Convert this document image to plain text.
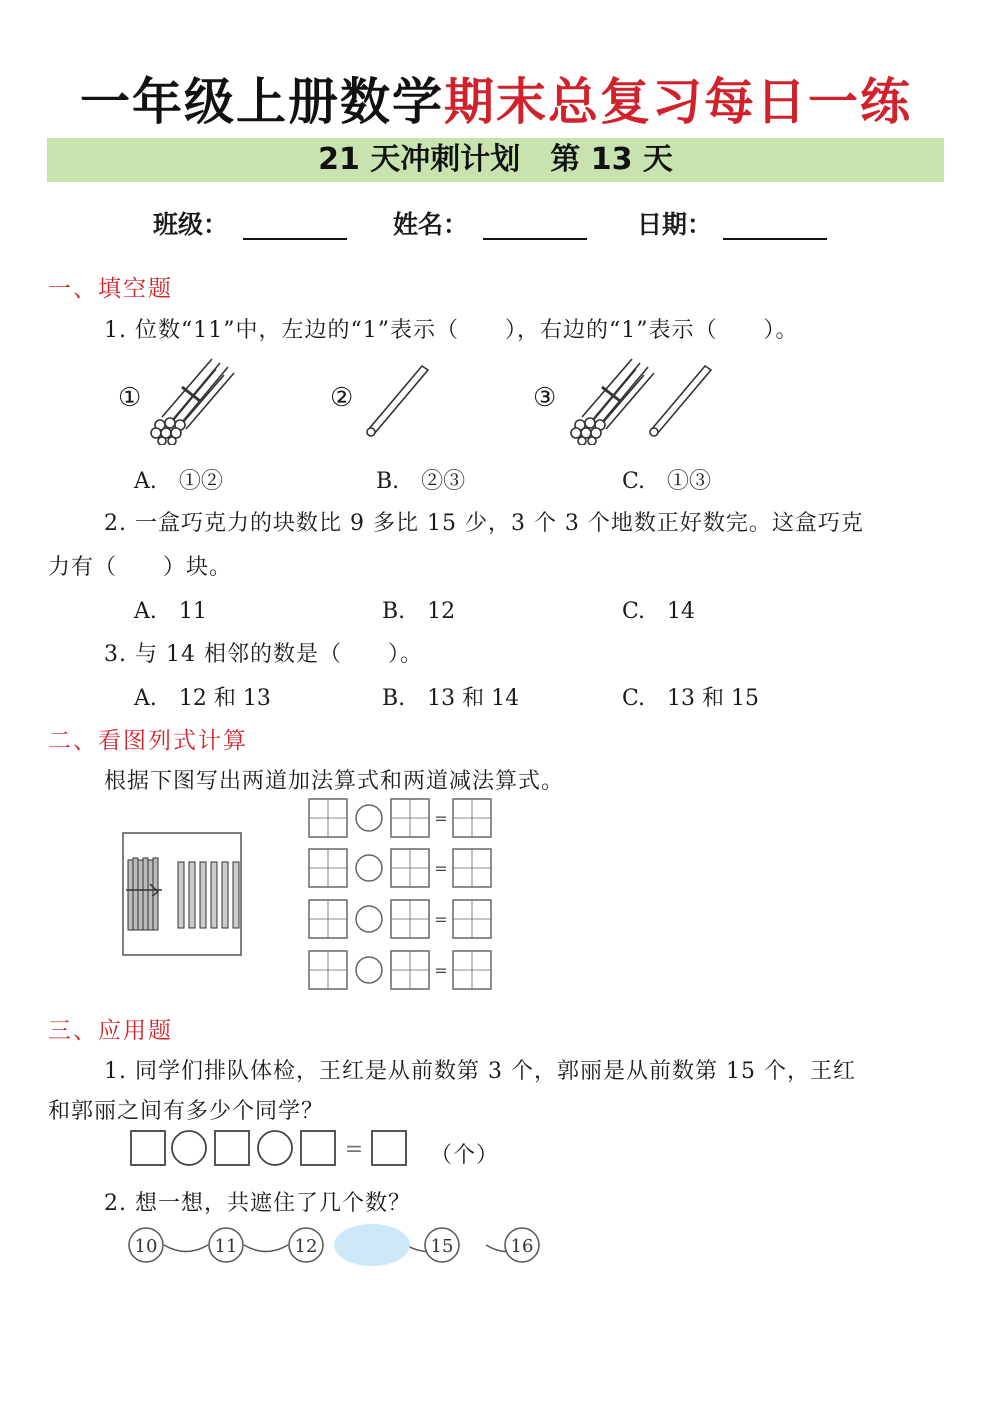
一年级上册数学期末总复习每日一练
21 天冲刺计划　第 13 天
班级：	姓名：	日期：
一、填空题
1. 位数“11”中，左边的“1”表示（　　），右边的“1”表示（　　）。
①	②	③
A.　①②	B.　②③	C.　①③
2. 一盒巧克力的块数比 9 多比 15 少，3 个 3 个地数正好数完。这盒巧克
力有（　　）块。
A.　11	B.　12	C.　14
3. 与 14 相邻的数是（　　）。
A.　12 和 13	B.　13 和 14	C.　13 和 15
二、看图列式计算
根据下图写出两道加法算式和两道减法算式。
=
=
=
=
三、应用题
1. 同学们排队体检，王红是从前数第 3 个，郭丽是从前数第 15 个，王红
和郭丽之间有多少个同学？
=	（个）
2. 想一想，共遮住了几个数？
10	11	12	15	16
